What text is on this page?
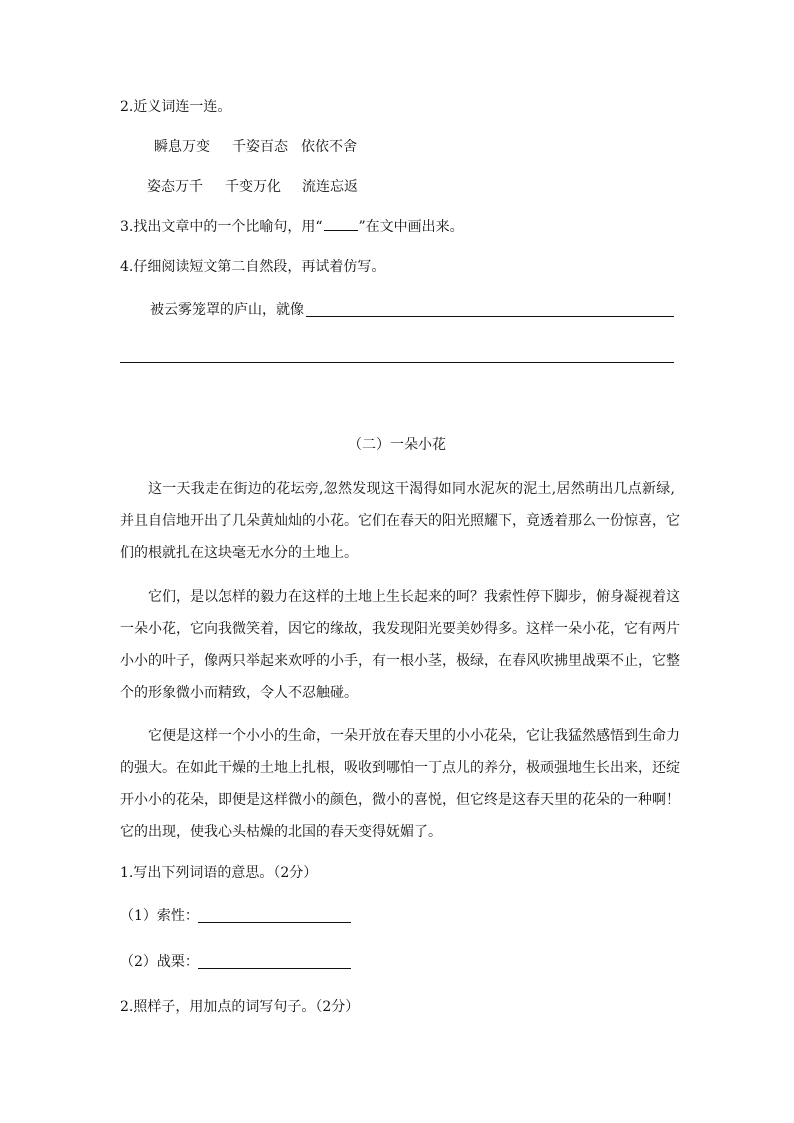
2.近义词连一连。
瞬息万变 千姿百态 依依不舍
姿态万千 千变万化 流连忘返
3.找出文章中的一个比喻句，用“	”在文中画出来。
4.仔细阅读短文第二自然段，再试着仿写。
被云雾笼罩的庐山，就像
（二）一朵小花
这一天我走在街边的花坛旁,忽然发现这干渴得如同水泥灰的泥土,居然萌出几点新绿,
并且自信地开出了几朵黄灿灿的小花。它们在春天的阳光照耀下，竟透着那么一份惊喜，它
们的根就扎在这块毫无水分的土地上。
它们，是以怎样的毅力在这样的土地上生长起来的呵？我索性停下脚步，俯身凝视着这
一朵小花，它向我微笑着，因它的缘故，我发现阳光要美妙得多。这样一朵小花，它有两片
小小的叶子，像两只举起来欢呼的小手，有一根小茎，极绿，在春风吹拂里战栗不止，它整
个的形象微小而精致，令人不忍触碰。
它便是这样一个小小的生命，一朵开放在春天里的小小花朵，它让我猛然感悟到生命力
的强大。在如此干燥的土地上扎根，吸收到哪怕一丁点儿的养分，极顽强地生长出来，还绽
开小小的花朵，即便是这样微小的颜色，微小的喜悦，但它终是这春天里的花朵的一种啊！
它的出现，使我心头枯燥的北国的春天变得妩媚了。
1.写出下列词语的意思。（2分）
（1）索性：
（2）战栗：
2.照样子，用加点的词写句子。（2分）
